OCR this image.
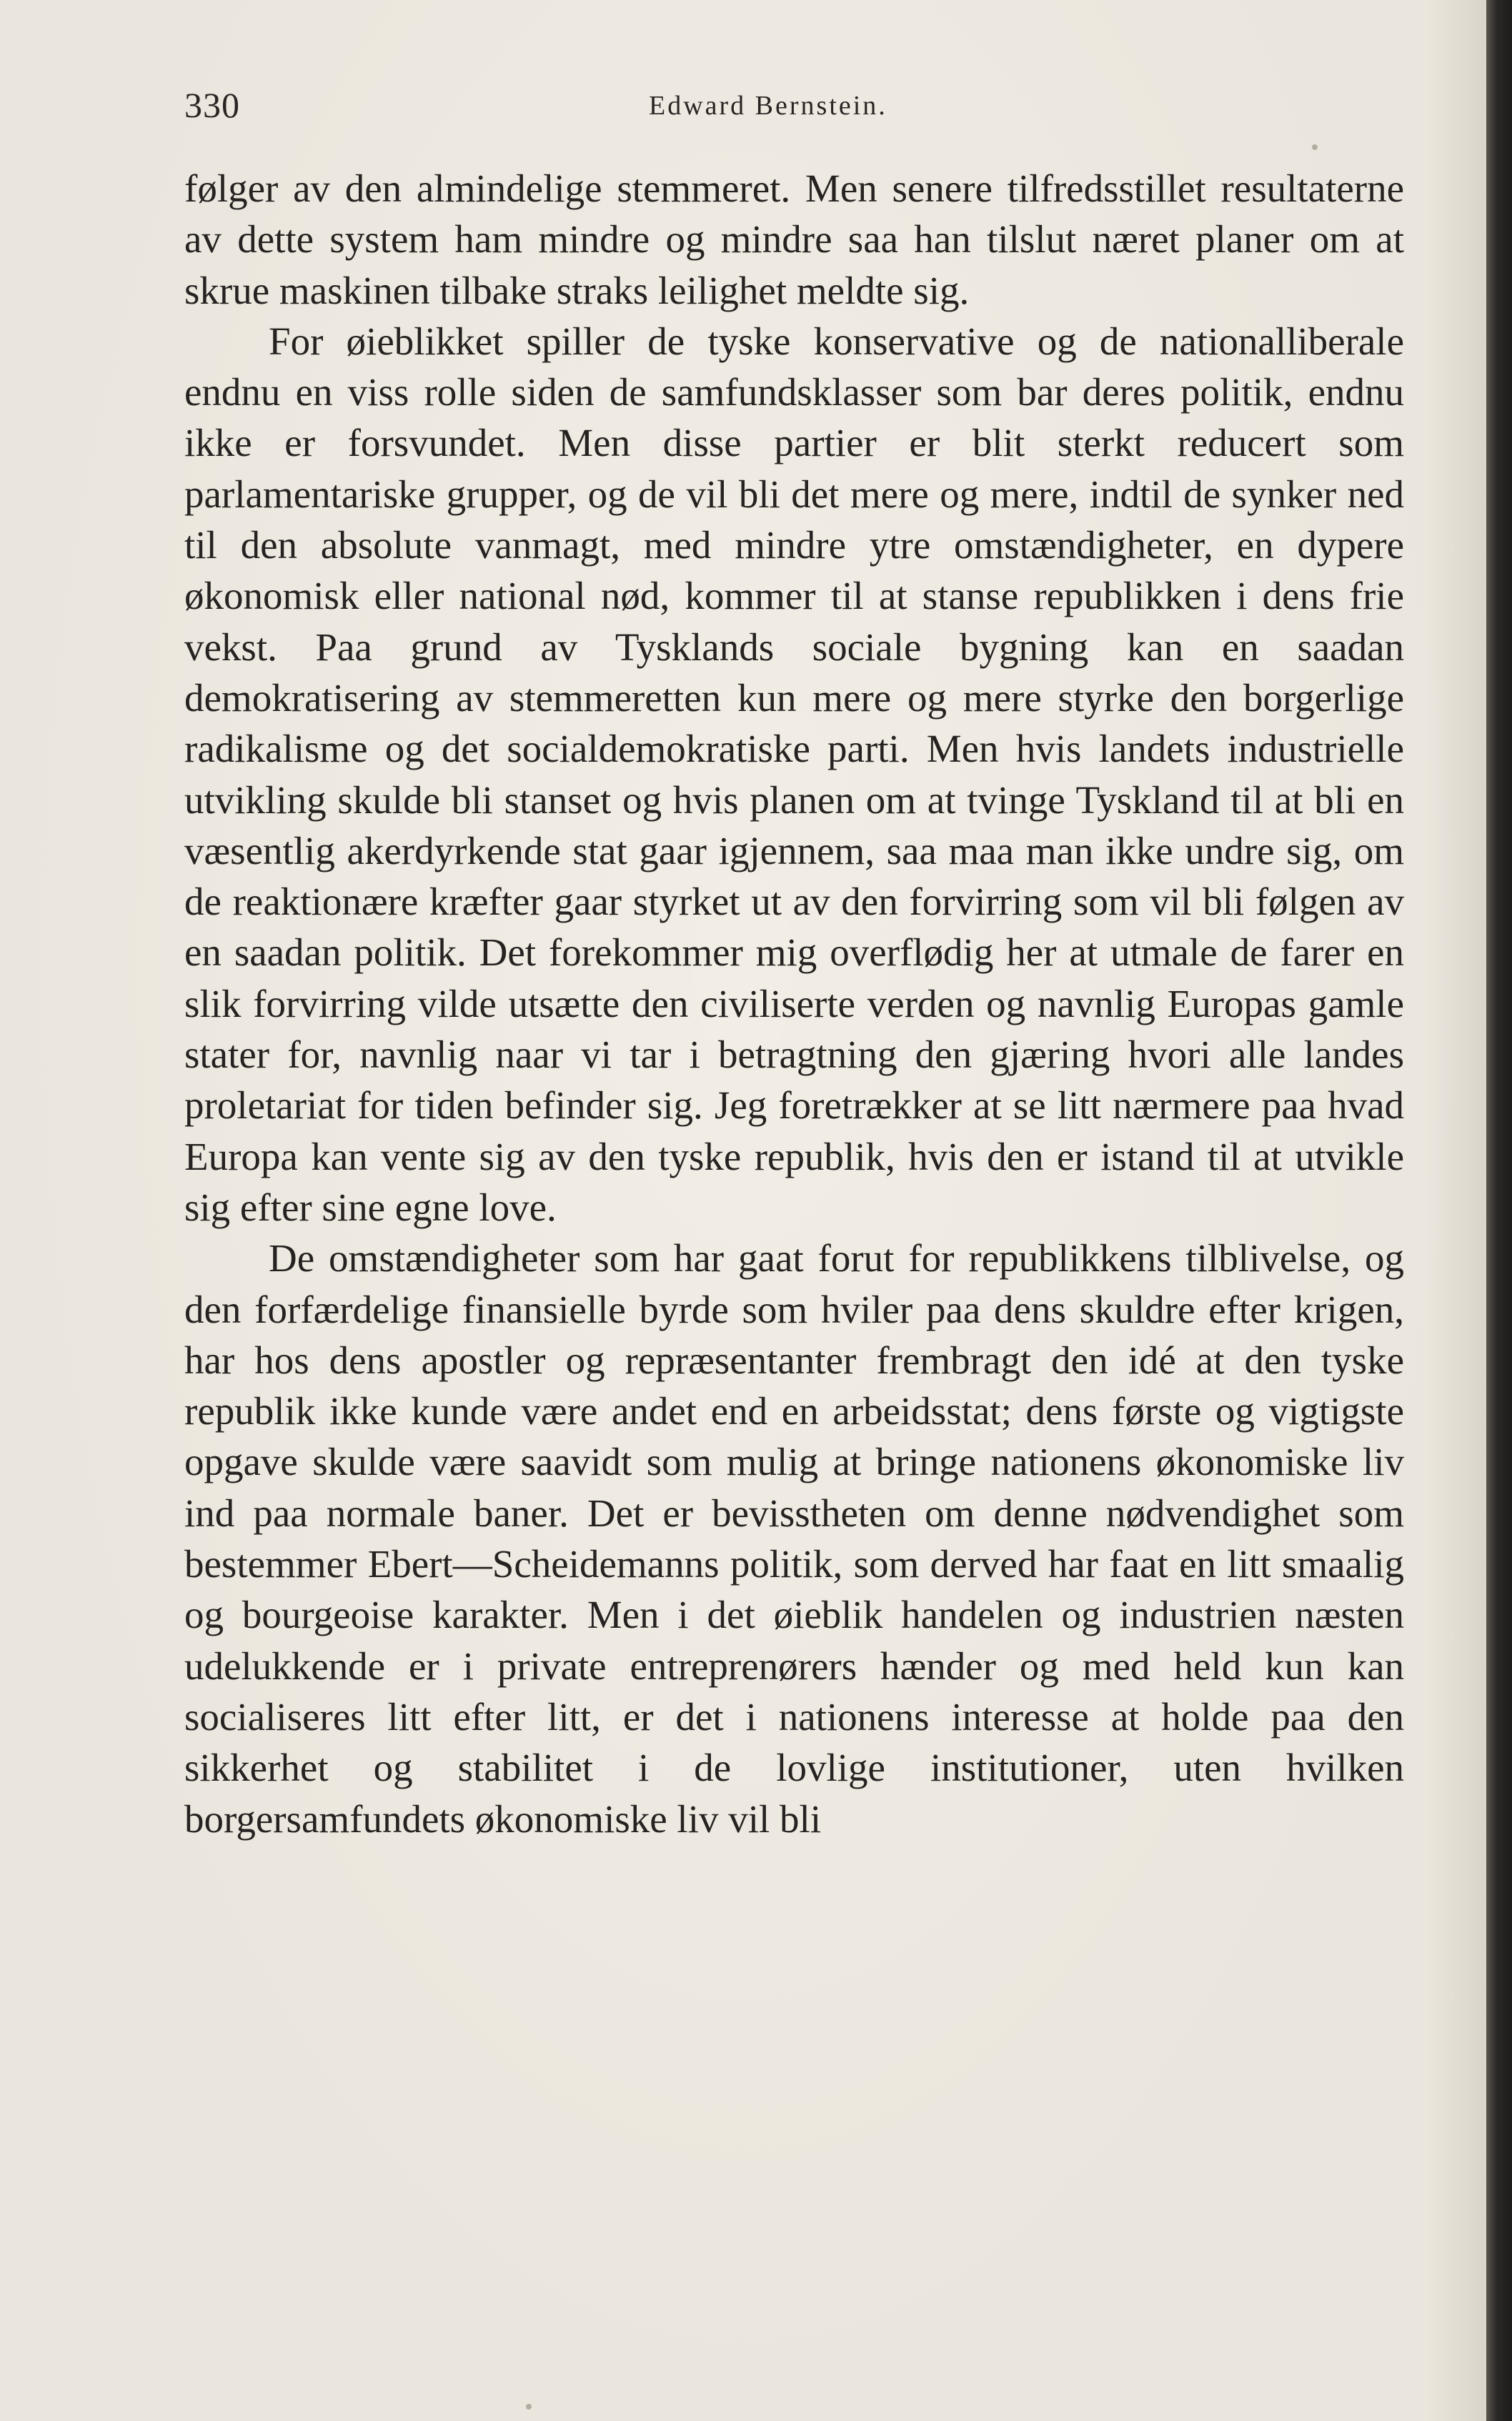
330	Edward Bernstein.

følger av den almindelige stemmeret. Men senere tilfredsstillet resultaterne av dette system ham mindre og mindre saa han tilslut næret planer om at skrue maskinen tilbake straks leilighet meldte sig.

For øieblikket spiller de tyske konservative og de nationalliberale endnu en viss rolle siden de samfundsklasser som bar deres politik, endnu ikke er forsvundet. Men disse partier er blit sterkt reducert som parlamentariske grupper, og de vil bli det mere og mere, indtil de synker ned til den absolute vanmagt, med mindre ytre omstændigheter, en dypere økonomisk eller national nød, kommer til at stanse republikken i dens frie vekst. Paa grund av Tysklands sociale bygning kan en saadan demokratisering av stemmeretten kun mere og mere styrke den borgerlige radikalisme og det socialdemokratiske parti. Men hvis landets industrielle utvikling skulde bli stanset og hvis planen om at tvinge Tyskland til at bli en væsentlig akerdyrkende stat gaar igjennem, saa maa man ikke undre sig, om de reaktionære kræfter gaar styrket ut av den forvirring som vil bli følgen av en saadan politik. Det forekommer mig overflødig her at utmale de farer en slik forvirring vilde utsætte den civiliserte verden og navnlig Europas gamle stater for, navnlig naar vi tar i betragtning den gjæring hvori alle landes proletariat for tiden befinder sig. Jeg foretrækker at se litt nærmere paa hvad Europa kan vente sig av den tyske republik, hvis den er istand til at utvikle sig efter sine egne love.

De omstændigheter som har gaat forut for republikkens tilblivelse, og den forfærdelige finansielle byrde som hviler paa dens skuldre efter krigen, har hos dens apostler og repræsentanter frembragt den idé at den tyske republik ikke kunde være andet end en arbeidsstat; dens første og vigtigste opgave skulde være saavidt som mulig at bringe nationens økonomiske liv ind paa normale baner. Det er bevisstheten om denne nødvendighet som bestemmer Ebert—Scheidemanns politik, som derved har faat en litt smaalig og bourgeoise karakter. Men i det øieblik handelen og industrien næsten udelukkende er i private entreprenørers hænder og med held kun kan socialiseres litt efter litt, er det i nationens interesse at holde paa den sikkerhet og stabilitet i de lovlige institutioner, uten hvilken borgersamfundets økonomiske liv vil bli
